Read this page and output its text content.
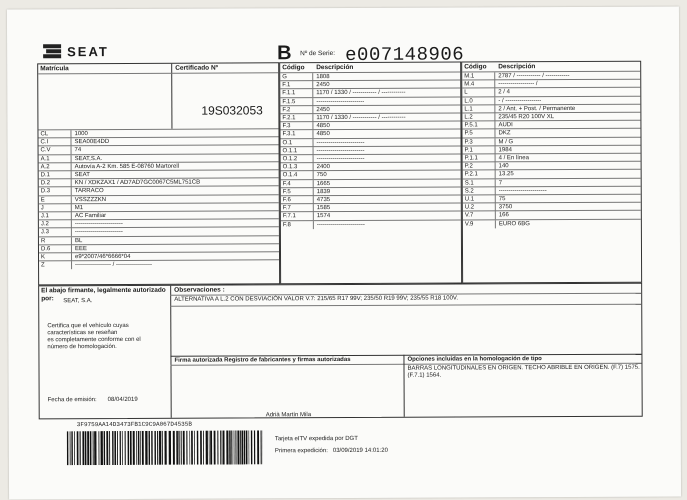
SEAT	B Nº de Serie: e007148906
Matrícula	Certificado Nº
19S032053
CL	1000
C.I	SEA00E4DD
C.V	74
A.1	SEAT,S.A.
A.2	Autovía A-2 Km. 585 E-08760 Martorell
D.1	SEAT
D.2	KN / XDKZAX1 / AD7AD7GC0067C5ML751CB
D.3	TARRACO
E	VSSZZZKN
J	M1
J.1	AC Familiar
J.2	------------------------
J.3	------------------------
R	BL
D.6	EEE
K	e9*2007/46*6666*04
Z	------------------ / ------------------
Código Descripción
G	1808
F.1	2450
F.1.1	1170 / 1330 / ------------ / ------------
F.1.5	------------------------
F.2	2450
F.2.1	1170 / 1330 / ------------ / ------------
F.3	4850
F.3.1	4850
O.1	------------------------
O.1.1	------------------------
O.1.2	------------------------
O.1.3	2400
O.1.4	750
F.4	1665
F.5	1839
F.6	4735
F.7	1585
F.7.1	1574
F.8	------------------------
Código Descripción
M.1	2787 / ------------ / ------------
M.4	------------------ /
L	2 / 4
L.0	- / ------------------
L.1	2 / Ant. + Post. / Permanente
L.2	235/45 R20 100V XL
P.5.1	AUDI
P.5	DKZ
P.3	M / G
P.1	1984
P.1.1	4 / En línea
P.2	140
P.2.1	13.25
S.1	7
S.2	------------------------
U.1	75
U.2	3750
V.7	166
V.9	EURO 6BG
El abajo firmante, legalmente autorizado
por: SEAT, S.A.
Certifica que el vehículo cuyas
características se reseñan
es completamente conforme con el
número de homologación.
Fecha de emisión: 08/04/2019
Observaciones :
ALTERNATIVA A L.2 CON DESVIACIÓN VALOR V.7: 215/65 R17 99V; 235/50 R19 99V; 235/55 R18 100V.
Firma autorizada Registro de fabricantes y firmas autorizadas	Opciones incluidas en la homologación de tipo
BARRAS LONGITUDINALES EN ORIGEN. TECHO ABRIBLE EN ORIGEN. (F.7) 1575.
(F.7.1) 1564.
Adrià Martín Mila
3F9759AA14D3473FB1C9C9A067D4535B
Tarjeta eITV expedida por DGT
Primera expedición: 03/09/2019 14:01:20
